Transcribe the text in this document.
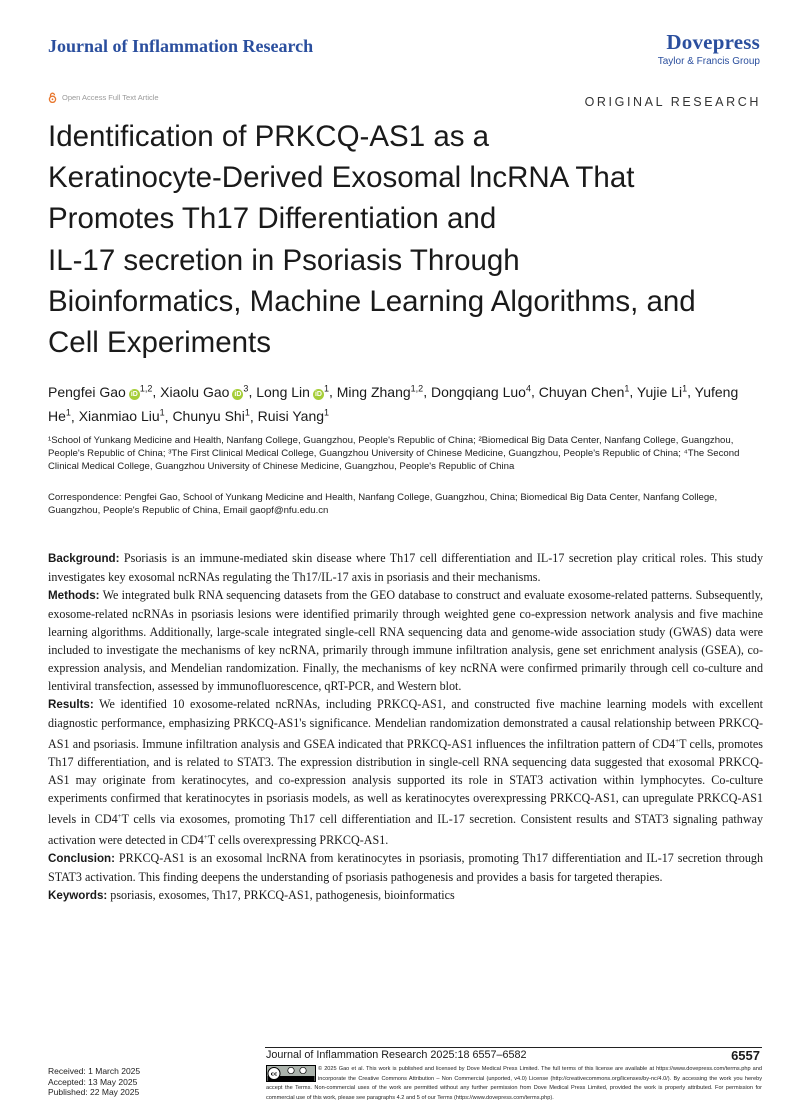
Journal of Inflammation Research	Dovepress
Taylor & Francis Group
Open Access Full Text Article	ORIGINAL RESEARCH
Identification of PRKCQ-AS1 as a
Keratinocyte-Derived Exosomal lncRNA That
Promotes Th17 Differentiation and
IL-17 secretion in Psoriasis Through
Bioinformatics, Machine Learning Algorithms, and
Cell Experiments
Pengfei Gao iD$^{1,2}$, Xiaolu Gao $iD^3$, Long Lin $iD^1$, Ming Zhang$^{1,2}$, Dongqiang Luo$^4$, Chuyan Chen$^1$, Yujie Li$^1$, Yufeng He$^1$, Xianmiao Liu$^1$, Chunyu Shi$^1$, Ruisi Yang$^1$
¹School of Yunkang Medicine and Health, Nanfang College, Guangzhou, People's Republic of China; ²Biomedical Big Data Center, Nanfang College, Guangzhou, People's Republic of China; ³The First Clinical Medical College, Guangzhou University of Chinese Medicine, Guangzhou, People's Republic of China; ⁴The Second Clinical Medical College, Guangzhou University of Chinese Medicine, Guangzhou, People's Republic of China
Correspondence: Pengfei Gao, School of Yunkang Medicine and Health, Nanfang College, Guangzhou, China; Biomedical Big Data Center, Nanfang College, Guangzhou, People's Republic of China, Email gaopf@nfu.edu.cn

Background: Psoriasis is an immune-mediated skin disease where Th17 cell differentiation and IL-17 secretion play critical roles. This study investigates key exosomal ncRNAs regulating the Th17/IL-17 axis in psoriasis and their mechanisms.

Methods: We integrated bulk RNA sequencing datasets from the GEO database to construct and evaluate exosome-related patterns. Subsequently, exosome-related ncRNAs in psoriasis lesions were identified primarily through weighted gene co-expression network analysis and five machine learning algorithms. Additionally, large-scale integrated single-cell RNA sequencing data and genome-wide association study (GWAS) data were included to investigate the mechanisms of key ncRNA, primarily through immune infiltration analysis, gene set enrichment analysis (GSEA), co-expression analysis, and Mendelian randomization. Finally, the mechanisms of key ncRNA were confirmed primarily through cell co-culture and lentiviral transfection, assessed by immunofluorescence, qRT-PCR, and Western blot.

Results: We identified 10 exosome-related ncRNAs, including PRKCQ-AS1, and constructed five machine learning models with excellent diagnostic performance, emphasizing PRKCQ-AS1's significance. Mendelian randomization demonstrated a causal relationship between PRKCQ-AS1 and psoriasis. Immune infiltration analysis and GSEA indicated that PRKCQ-AS1 influences the infiltration pattern of CD4+T cells, promotes Th17 differentiation, and is related to STAT3. The expression distribution in single-cell RNA sequencing data suggested that exosomal PRKCQ-AS1 may originate from keratinocytes, and co-expression analysis supported its role in STAT3 activation within lymphocytes. Co-culture experiments confirmed that keratinocytes in psoriasis models, as well as keratinocytes overexpressing PRKCQ-AS1, can upregulate PRKCQ-AS1 levels in CD4+T cells via exosomes, promoting Th17 cell differentiation and IL-17 secretion. Consistent results and STAT3 signaling pathway activation were detected in CD4+T cells overexpressing PRKCQ-AS1.

Conclusion: PRKCQ-AS1 is an exosomal lncRNA from keratinocytes in psoriasis, promoting Th17 differentiation and IL-17 secretion through STAT3 activation. This finding deepens the understanding of psoriasis pathogenesis and provides a basis for targeted therapies.

Keywords: psoriasis, exosomes, Th17, PRKCQ-AS1, pathogenesis, bioinformatics

Received: 1 March 2025
Accepted: 13 May 2025
Published: 22 May 2025
Journal of Inflammation Research 2025:18 6557–6582	6557
cc
© 2025 Gao et al. This work is published and licensed by Dove Medical Press Limited. The full terms of this license are available at https://www.dovepress.com/terms.php and incorporate the Creative Commons Attribution – Non Commercial (unported, v4.0) License (http://creativecommons.org/licenses/by-nc/4.0/). By accessing the work you hereby accept the Terms. Non-commercial uses of the work are permitted without any further permission from Dove Medical Press Limited, provided the work is properly attributed. For permission for commercial use of this work, please see paragraphs 4.2 and 5 of our Terms (https://www.dovepress.com/terms.php).
